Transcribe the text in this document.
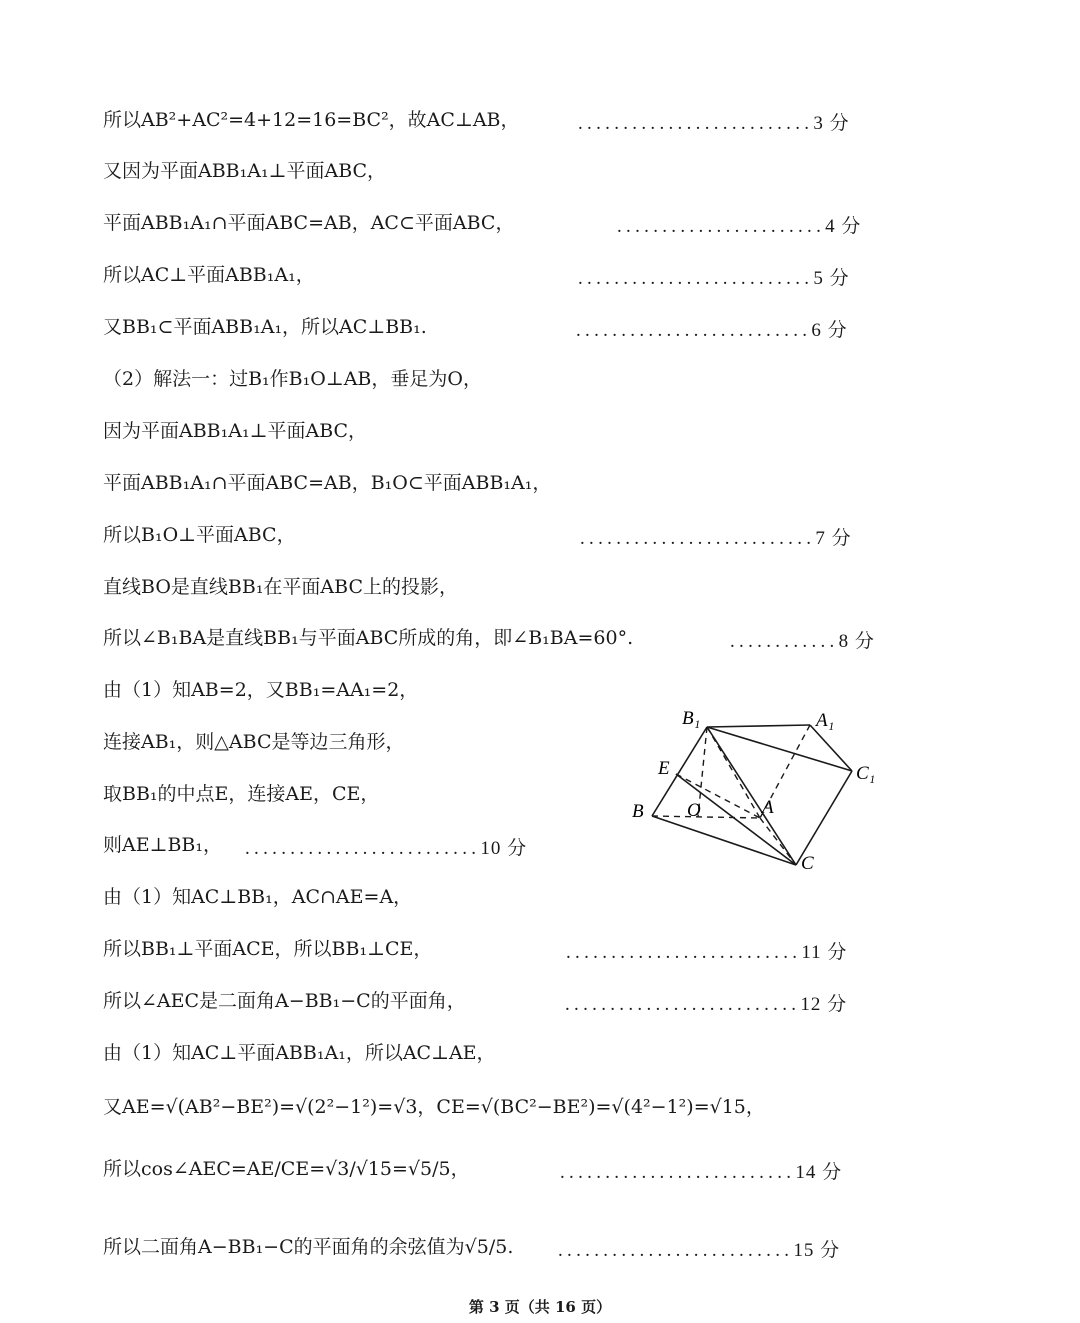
所以AB²+AC²=4+12=16=BC²，故AC⊥AB，	..........................3 分
又因为平面ABB₁A₁⊥平面ABC，
平面ABB₁A₁∩平面ABC=AB，AC⊂平面ABC，	.......................4 分
所以AC⊥平面ABB₁A₁，	..........................5 分
又BB₁⊂平面ABB₁A₁，所以AC⊥BB₁.	..........................6 分
（2）解法一：过B₁作B₁O⊥AB，垂足为O，
因为平面ABB₁A₁⊥平面ABC，
平面ABB₁A₁∩平面ABC=AB，B₁O⊂平面ABB₁A₁，
所以B₁O⊥平面ABC，	..........................7 分
直线BO是直线BB₁在平面ABC上的投影，
所以∠B₁BA是直线BB₁与平面ABC所成的角，即∠B₁BA=60°.	............8 分
由（1）知AB=2，又BB₁=AA₁=2，
连接AB₁，则△ABC是等边三角形，
取BB₁的中点E，连接AE，CE，
则AE⊥BB₁， ..........................10 分
由（1）知AC⊥BB₁，AC∩AE=A，
所以BB₁⊥平面ACE，所以BB₁⊥CE，	..........................11 分
所以∠AEC是二面角A−BB₁−C的平面角，	..........................12 分
由（1）知AC⊥平面ABB₁A₁，所以AC⊥AE，
又AE=√(AB²−BE²)=√(2²−1²)=√3，CE=√(BC²−BE²)=√(4²−1²)=√15，
所以cos∠AEC=AE/CE=√3/√15=√5/5，	..........................14 分
所以二面角A−BB₁−C的平面角的余弦值为√5/5. ..........................15 分
B₁	A₁
E	C₁
B O	A
C
第 3 页（共 16 页）
